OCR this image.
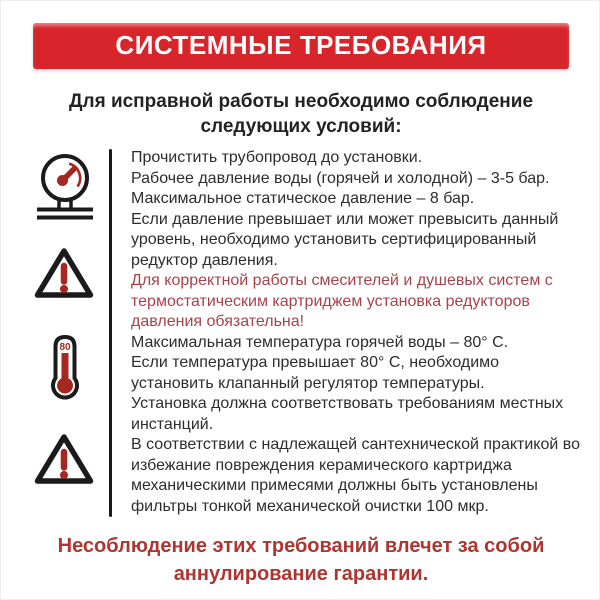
СИСТЕМНЫЕ ТРЕБОВАНИЯ
Для исправной работы необходимо соблюдение следующих условий:
80

Прочистить трубопровод до установки.

Рабочее давление воды (горячей и холодной) – 3-5 бар.

Максимальное статическое давление – 8 бар.

Если давление превышает или может превысить данный уровень, необходимо установить сертифицированный редуктор давления.

Для корректной работы смесителей и душевых систем с термостатическим картриджем установка редукторов давления обязательна!

Максимальная температура горячей воды – 80° C.

Если температура превышает 80° C, необходимо установить клапанный регулятор температуры.

Установка должна соответствовать требованиям местных инстанций.

В соответствии с надлежащей сантехнической практикой во избежание повреждения керамического картриджа механическими примесями должны быть установлены фильтры тонкой механической очистки 100 мкр.

Несоблюдение этих требований влечет за собой аннулирование гарантии.
